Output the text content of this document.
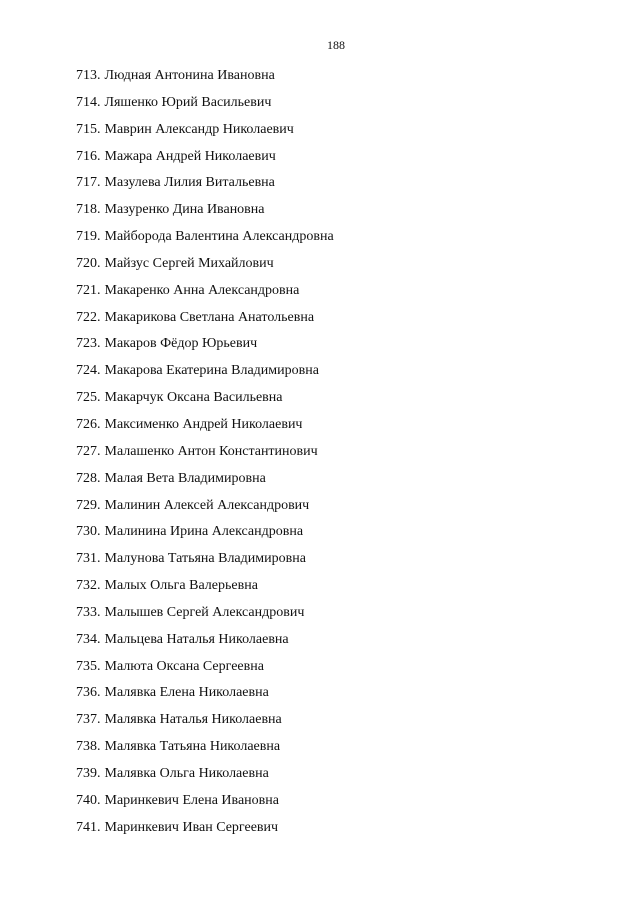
188
713. Людная Антонина Ивановна
714. Ляшенко Юрий Васильевич
715. Маврин Александр Николаевич
716. Мажара Андрей Николаевич
717. Мазулева Лилия Витальевна
718. Мазуренко Дина Ивановна
719. Майборода Валентина Александровна
720. Майзус Сергей Михайлович
721. Макаренко Анна Александровна
722. Макарикова Светлана Анатольевна
723. Макаров Фёдор Юрьевич
724. Макарова Екатерина Владимировна
725. Макарчук Оксана Васильевна
726. Максименко Андрей Николаевич
727. Малашенко Антон Константинович
728. Малая Вета Владимировна
729. Малинин Алексей Александрович
730. Малинина Ирина Александровна
731. Малунова Татьяна Владимировна
732. Малых Ольга Валерьевна
733. Малышев Сергей Александрович
734. Мальцева Наталья Николаевна
735. Малюта Оксана Сергеевна
736. Малявка Елена Николаевна
737. Малявка Наталья Николаевна
738. Малявка Татьяна Николаевна
739. Малявка Ольга Николаевна
740. Маринкевич Елена Ивановна
741. Маринкевич Иван Сергеевич
